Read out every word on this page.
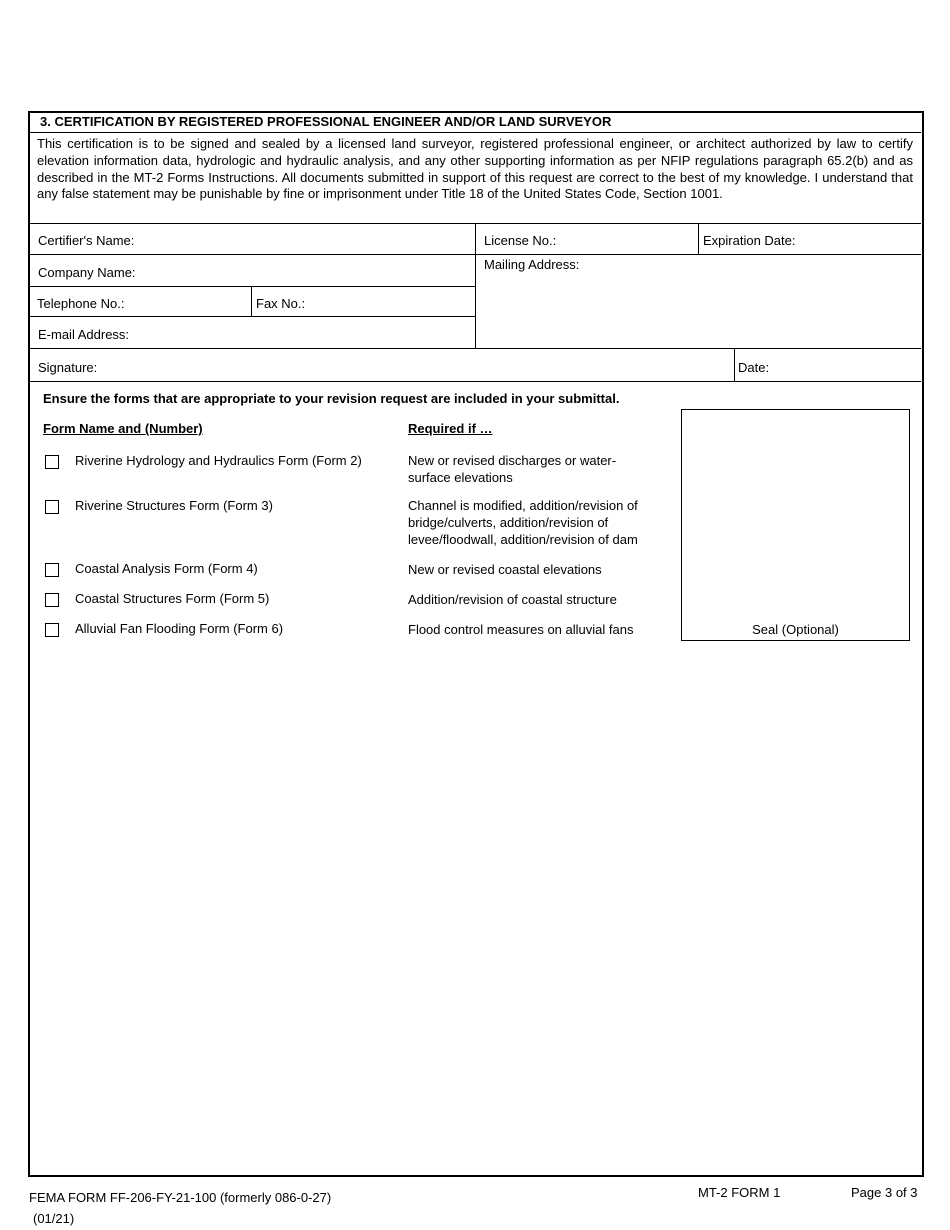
3. CERTIFICATION BY REGISTERED PROFESSIONAL ENGINEER AND/OR LAND SURVEYOR
This certification is to be signed and sealed by a licensed land surveyor, registered professional engineer, or architect authorized by law to certify elevation information data, hydrologic and hydraulic analysis, and any other supporting information as per NFIP regulations paragraph 65.2(b) and as described in the MT-2 Forms Instructions. All documents submitted in support of this request are correct to the best of my knowledge. I understand that any false statement may be punishable by fine or imprisonment under Title 18 of the United States Code, Section 1001.
Certifier's Name:	License No.:	Expiration Date:
Company Name:
Mailing Address:
Telephone No.:	Fax No.:
E-mail Address:
Signature:	Date:
Ensure the forms that are appropriate to your revision request are included in your submittal.
Form Name and (Number)	Required if …
Riverine Hydrology and Hydraulics Form (Form 2)	New or revised discharges or water-surface elevations
Riverine Structures Form (Form 3)	Channel is modified, addition/revision of bridge/culverts, addition/revision of levee/floodwall, addition/revision of dam
Coastal Analysis Form (Form 4)	New or revised coastal elevations
Coastal Structures Form (Form 5)	Addition/revision of coastal structure
Alluvial Fan Flooding Form (Form 6)	Flood control measures on alluvial fans	Seal (Optional)
FEMA FORM FF-206-FY-21-100 (formerly 086-0-27)
(01/21)
MT-2 FORM 1	Page 3 of 3
